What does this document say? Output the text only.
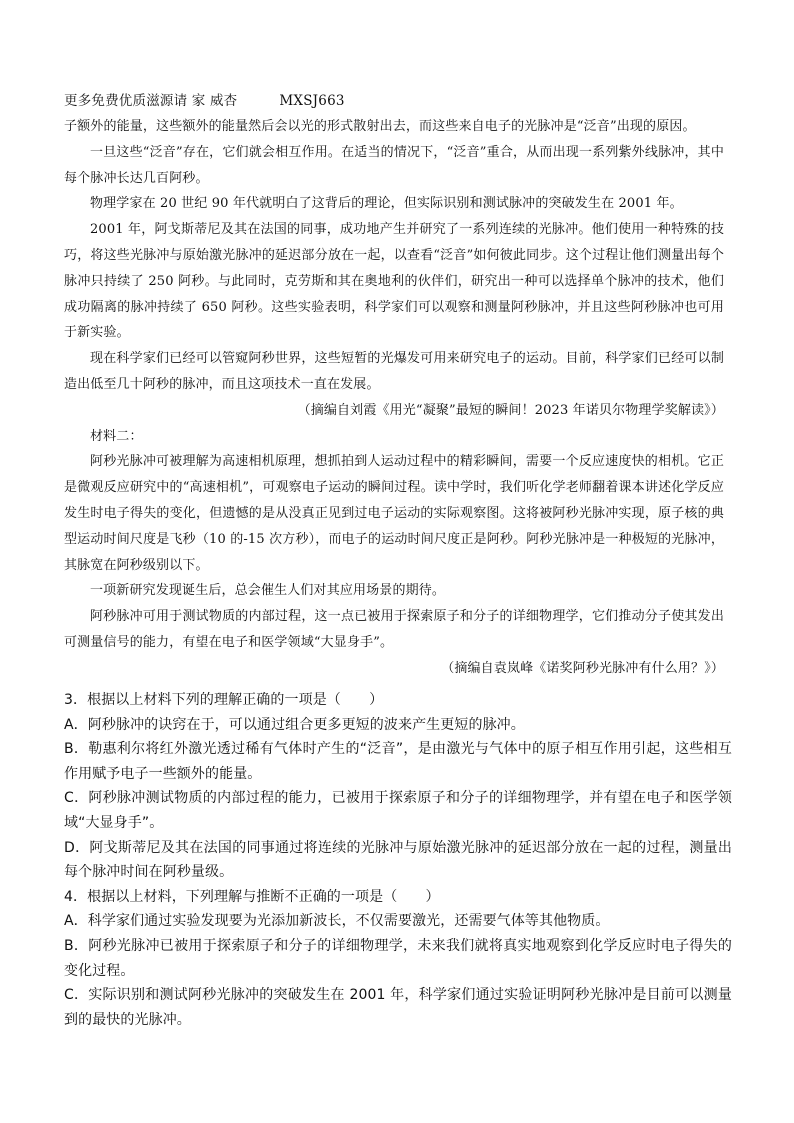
更多免费优质滋源请 家 威杏	MXSJ663

子额外的能量，这些额外的能量然后会以光的形式散射出去，而这些来自电子的光脉冲是“泛音”出现的原因。

一旦这些“泛音”存在，它们就会相互作用。在适当的情况下，“泛音”重合，从而出现一系列紫外线脉冲，其中每个脉冲长达几百阿秒。

物理学家在 20 世纪 90 年代就明白了这背后的理论，但实际识别和测试脉冲的突破发生在 2001 年。

2001 年，阿戈斯蒂尼及其在法国的同事，成功地产生并研究了一系列连续的光脉冲。他们使用一种特殊的技巧，将这些光脉冲与原始激光脉冲的延迟部分放在一起，以查看“泛音”如何彼此同步。这个过程让他们测量出每个脉冲只持续了 250 阿秒。与此同时，克劳斯和其在奥地利的伙伴们，研究出一种可以选择单个脉冲的技术，他们成功隔离的脉冲持续了 650 阿秒。这些实验表明，科学家们可以观察和测量阿秒脉冲，并且这些阿秒脉冲也可用于新实验。

现在科学家们已经可以管窥阿秒世界，这些短暂的光爆发可用来研究电子的运动。目前，科学家们已经可以制造出低至几十阿秒的脉冲，而且这项技术一直在发展。

（摘编自刘霞《用光“凝聚”最短的瞬间！2023 年诺贝尔物理学奖解读》）

材料二：

阿秒光脉冲可被理解为高速相机原理，想抓拍到人运动过程中的精彩瞬间，需要一个反应速度快的相机。它正是微观反应研究中的“高速相机”，可观察电子运动的瞬间过程。读中学时，我们听化学老师翻着课本讲述化学反应发生时电子得失的变化，但遗憾的是从没真正见到过电子运动的实际观察图。这将被阿秒光脉冲实现，原子核的典型运动时间尺度是飞秒（10 的-15 次方秒），而电子的运动时间尺度正是阿秒。阿秒光脉冲是一种极短的光脉冲，其脉宽在阿秒级别以下。

一项新研究发现诞生后，总会催生人们对其应用场景的期待。

阿秒脉冲可用于测试物质的内部过程，这一点已被用于探索原子和分子的详细物理学，它们推动分子使其发出可测量信号的能力，有望在电子和医学领域“大显身手”。

（摘编自袁岚峰《诺奖阿秒光脉冲有什么用？》）

3．根据以上材料下列的理解正确的一项是（　　）

A．阿秒脉冲的诀窍在于，可以通过组合更多更短的波来产生更短的脉冲。

B．勒惠利尔将红外激光透过稀有气体时产生的“泛音”，是由激光与气体中的原子相互作用引起，这些相互作用赋予电子一些额外的能量。

C．阿秒脉冲测试物质的内部过程的能力，已被用于探索原子和分子的详细物理学，并有望在电子和医学领域“大显身手”。

D．阿戈斯蒂尼及其在法国的同事通过将连续的光脉冲与原始激光脉冲的延迟部分放在一起的过程，测量出每个脉冲时间在阿秒量级。

4．根据以上材料，下列理解与推断不正确的一项是（　　）

A．科学家们通过实验发现要为光添加新波长，不仅需要激光，还需要气体等其他物质。

B．阿秒光脉冲已被用于探索原子和分子的详细物理学，未来我们就将真实地观察到化学反应时电子得失的变化过程。

C．实际识别和测试阿秒光脉冲的突破发生在 2001 年，科学家们通过实验证明阿秒光脉冲是目前可以测量到的最快的光脉冲。
